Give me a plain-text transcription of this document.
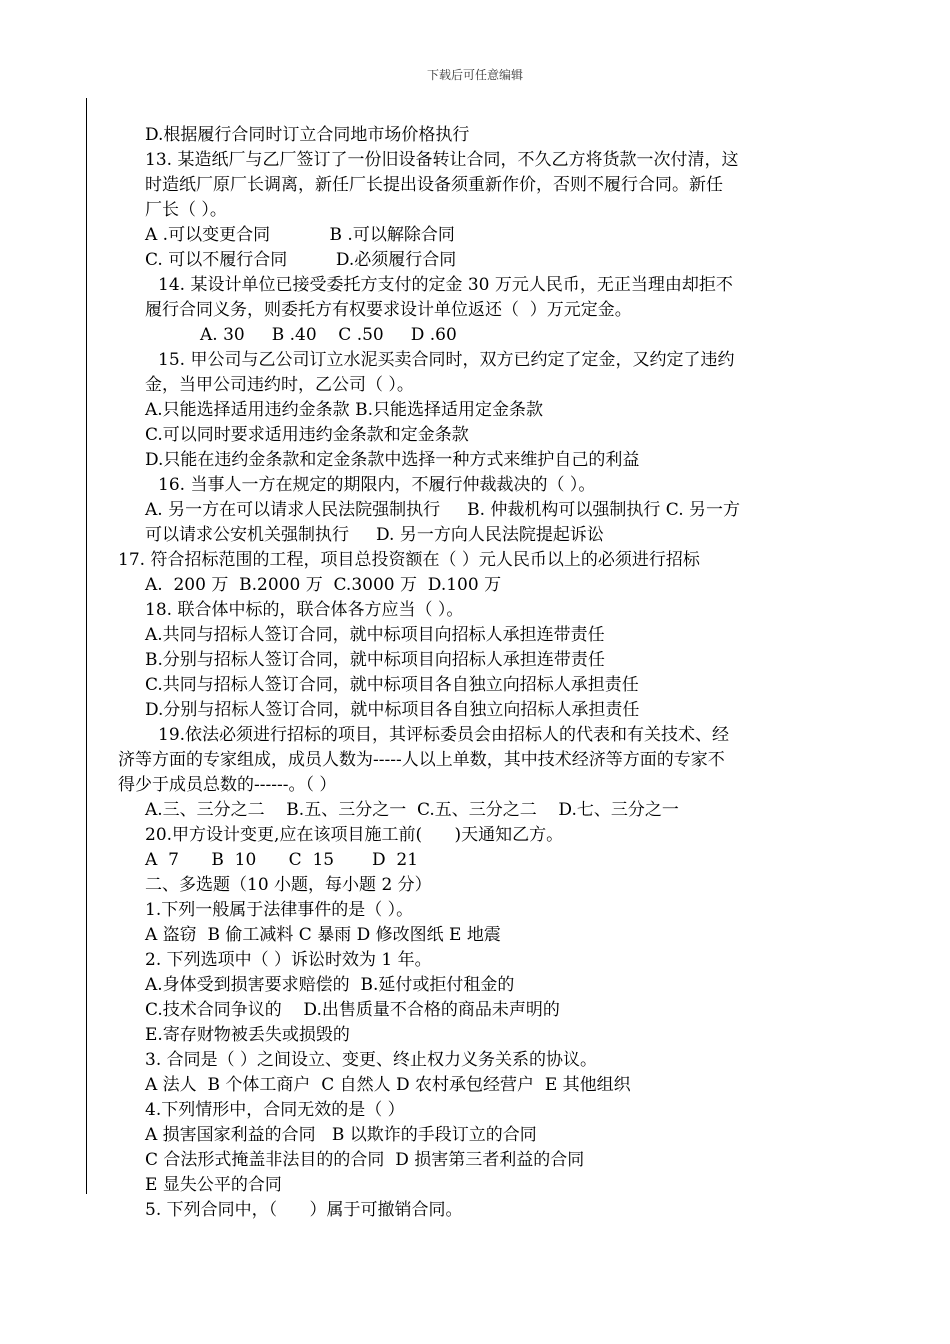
下载后可任意编辑
D.根据履行合同时订立合同地市场价格执行
13. 某造纸厂与乙厂签订了一份旧设备转让合同，不久乙方将货款一次付清，这
时造纸厂原厂长调离，新任厂长提出设备须重新作价，否则不履行合同。新任
厂长（ ）。
A .可以变更合同           B .可以解除合同
C. 可以不履行合同         D.必须履行合同
14. 某设计单位已接受委托方支付的定金 30 万元人民币，无正当理由却拒不
履行合同义务，则委托方有权要求设计单位返还（  ）万元定金。
A. 30     B .40    C .50     D .60
15. 甲公司与乙公司订立水泥买卖合同时，双方已约定了定金，又约定了违约
金，当甲公司违约时，乙公司（ ）。
A.只能选择适用违约金条款 B.只能选择适用定金条款
C.可以同时要求适用违约金条款和定金条款
D.只能在违约金条款和定金条款中选择一种方式来维护自己的利益
16. 当事人一方在规定的期限内，不履行仲裁裁决的（ ）。
A. 另一方在可以请求人民法院强制执行     B. 仲裁机构可以强制执行 C. 另一方
可以请求公安机关强制执行     D. 另一方向人民法院提起诉讼
17. 符合招标范围的工程，项目总投资额在（ ）元人民币以上的必须进行招标
A.  200 万  B.2000 万  C.3000 万  D.100 万
18. 联合体中标的，联合体各方应当（ ）。
A.共同与招标人签订合同，就中标项目向招标人承担连带责任
B.分别与招标人签订合同，就中标项目向招标人承担连带责任
C.共同与招标人签订合同，就中标项目各自独立向招标人承担责任
D.分别与招标人签订合同，就中标项目各自独立向招标人承担责任
19.依法必须进行招标的项目，其评标委员会由招标人的代表和有关技术、经
济等方面的专家组成，成员人数为-----人以上单数，其中技术经济等方面的专家不
得少于成员总数的------。（ ）
A.三、三分之二    B.五、三分之一  C.五、三分之二    D.七、三分之一
20.甲方设计变更,应在该项目施工前(      )天通知乙方。
A  7      B  10      C  15       D  21
二、多选题（10 小题，每小题 2 分）
1.下列一般属于法律事件的是（ ）。
A 盗窃  B 偷工减料 C 暴雨 D 修改图纸 E 地震
2. 下列选项中（ ）诉讼时效为 1 年。
A.身体受到损害要求赔偿的  B.延付或拒付租金的
C.技术合同争议的    D.出售质量不合格的商品未声明的
E.寄存财物被丢失或损毁的
3. 合同是（ ）之间设立、变更、终止权力义务关系的协议。
A 法人  B 个体工商户  C 自然人 D 农村承包经营户  E 其他组织
4.下列情形中，合同无效的是（ ）
A 损害国家利益的合同   B 以欺诈的手段订立的合同
C 合法形式掩盖非法目的的合同  D 损害第三者利益的合同
E 显失公平的合同
5. 下列合同中，（      ）属于可撤销合同。
